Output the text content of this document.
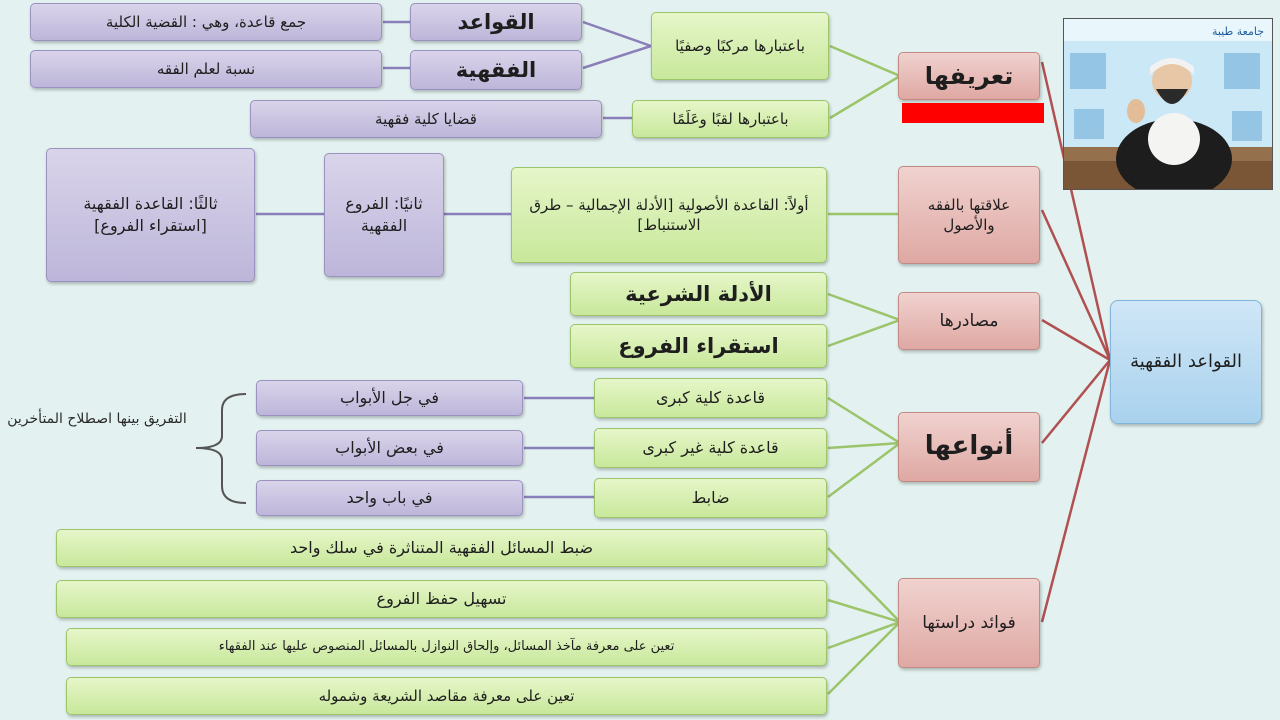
القواعد الفقهية
تعريفها
علاقتها بالفقه والأصول
مصادرها
أنواعها
فوائد دراستها
باعتبارها مركبًا وصفيًا
باعتبارها لقبًا وعَلَمًا
القواعد
الفقهية
جمع قاعدة، وهي : القضية الكلية
نسبة لعلم الفقه
قضايا كلية فقهية
أولاً: القاعدة الأصولية [الأدلة الإجمالية – طرق الاستنباط]
ثانيًا: الفروع الفقهية
ثالثًا: القاعدة الفقهية [استقراء الفروع]
الأدلة الشرعية
استقراء الفروع
قاعدة كلية كبرى
قاعدة كلية غير كبرى
ضابط
في جل الأبواب
في بعض الأبواب
في باب واحد
التفريق بينها اصطلاح المتأخرين
ضبط المسائل الفقهية المتناثرة في سلك واحد
تسهيل حفظ الفروع
تعين على معرفة مآخذ المسائل، وإلحاق النوازل بالمسائل المنصوص عليها عند الفقهاء
تعين على معرفة مقاصد الشريعة وشموله
جامعة طيبة
